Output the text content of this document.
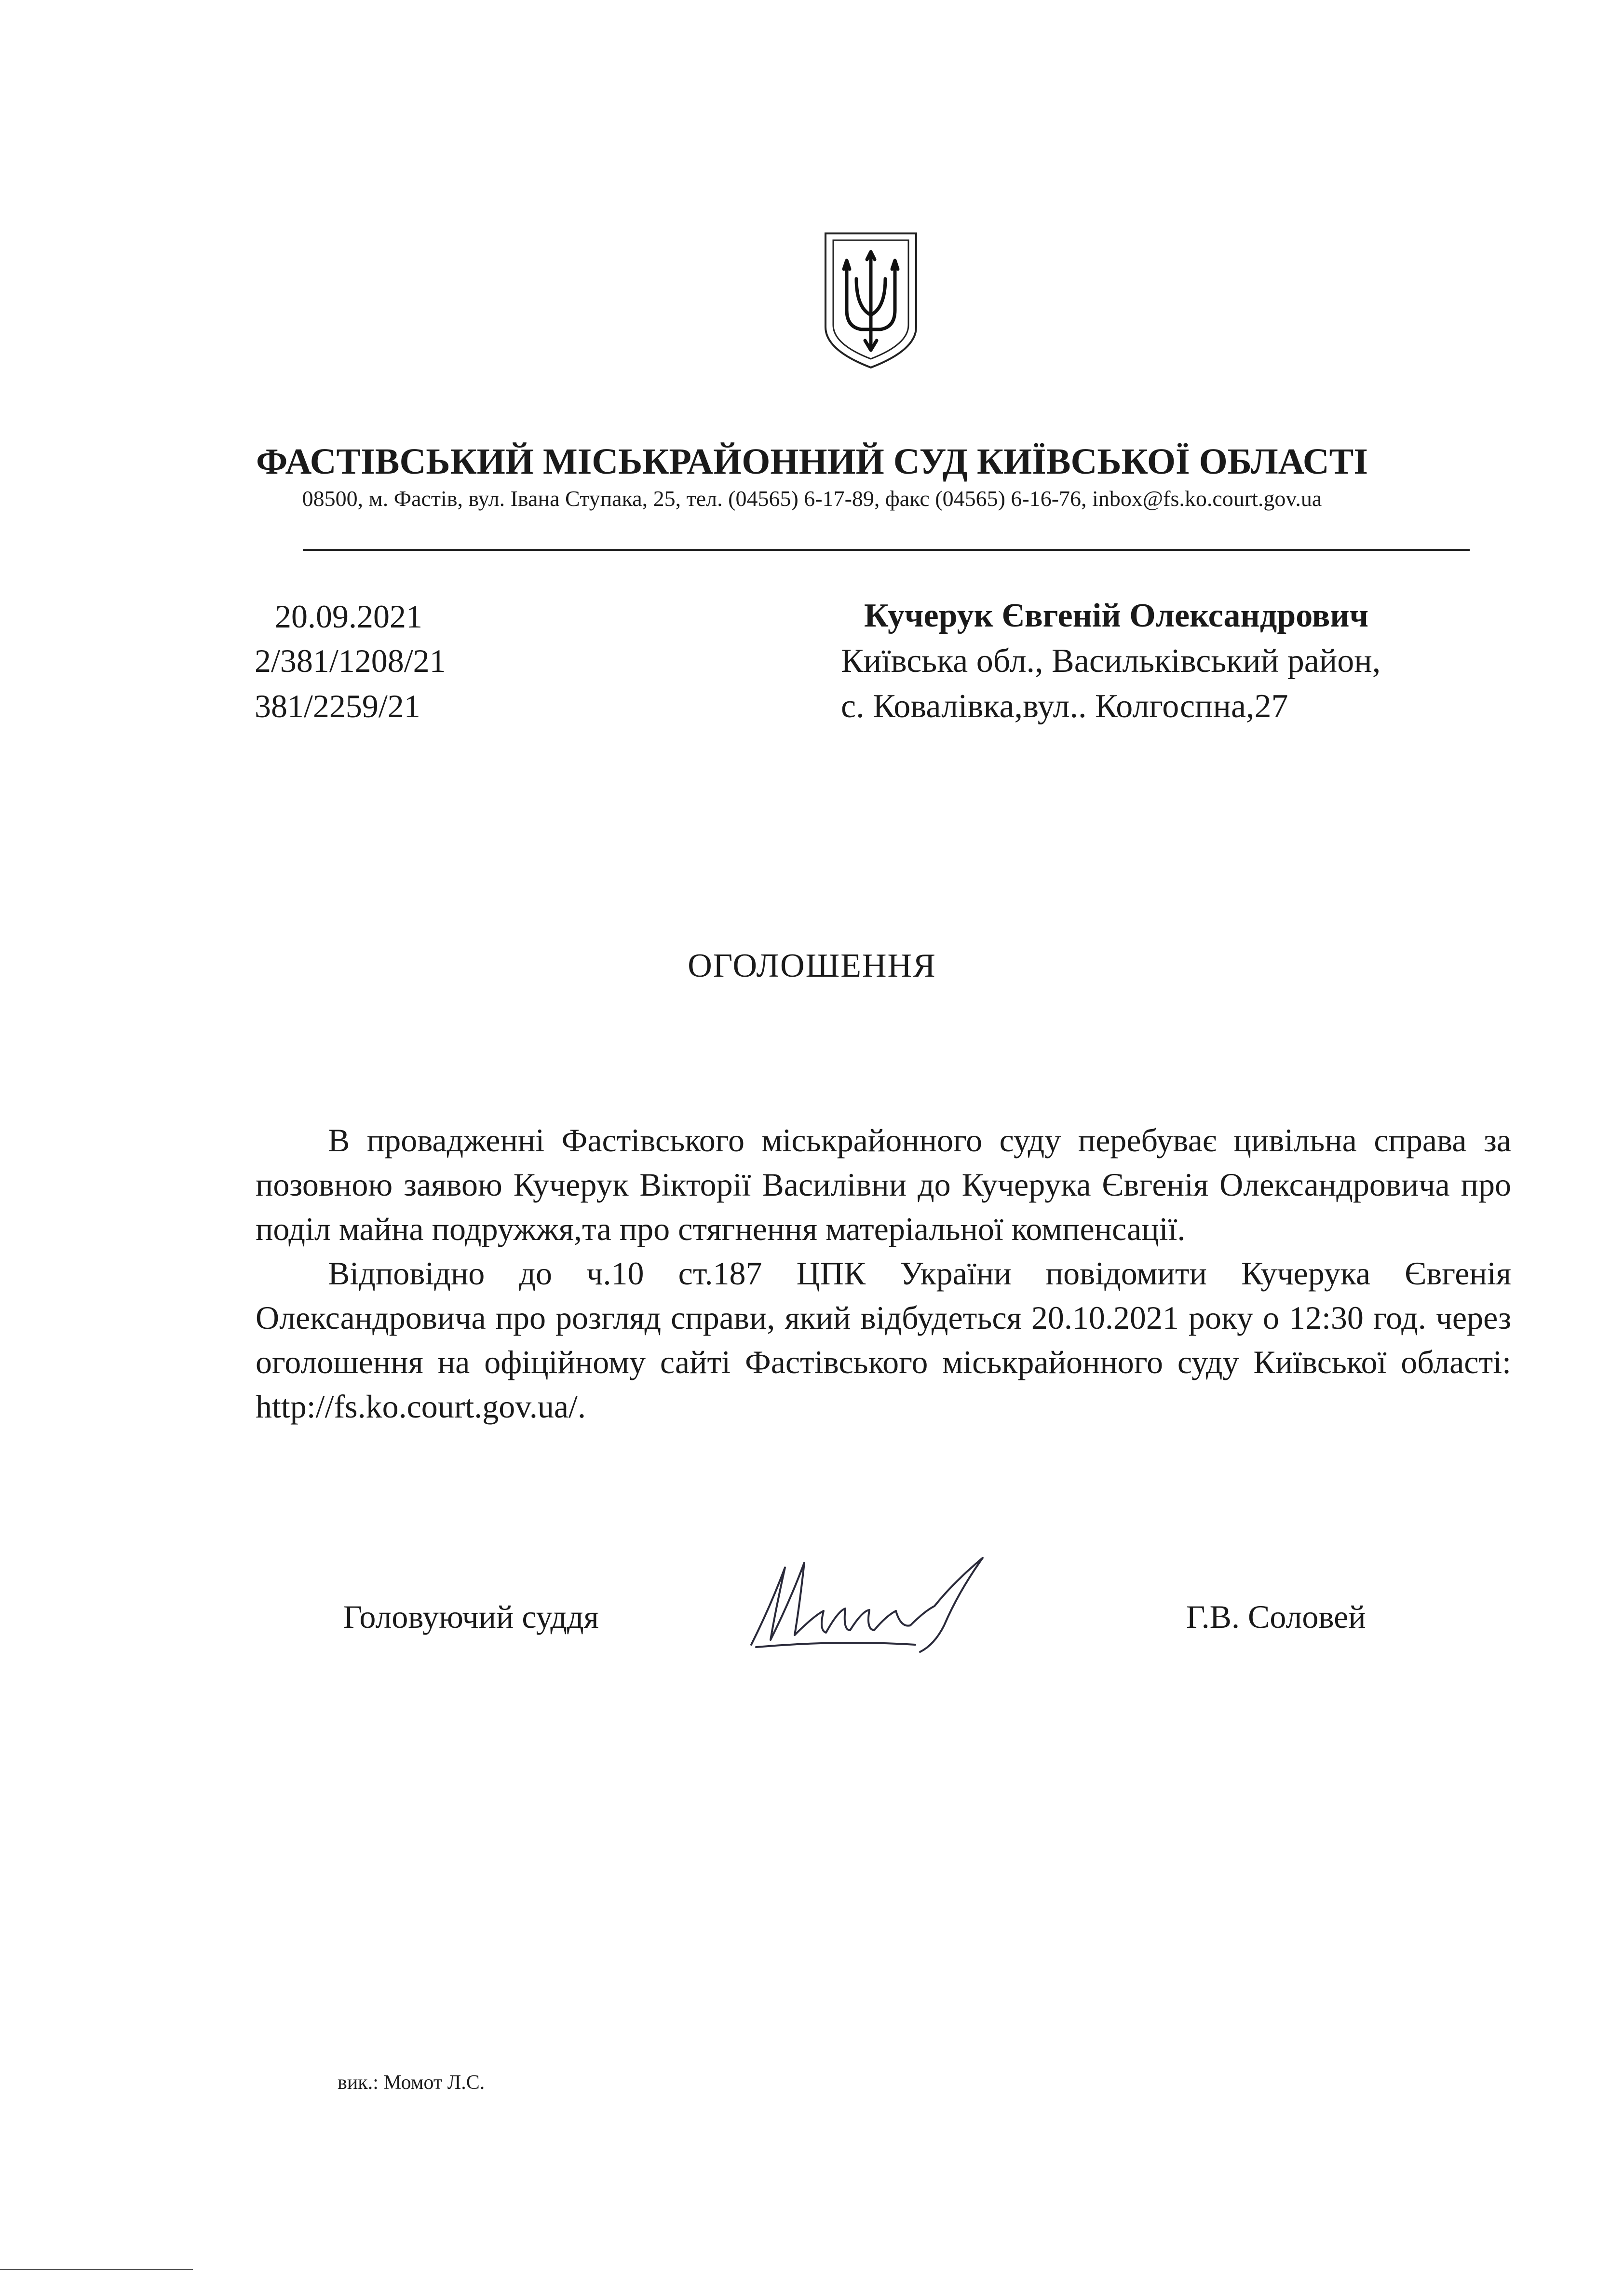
ФАСТІВСЬКИЙ МІСЬКРАЙОННИЙ СУД КИЇВСЬКОЇ ОБЛАСТІ
08500, м. Фастів, вул. Івана Ступака, 25, тел. (04565) 6-17-89, факс (04565) 6-16-76, inbox@fs.ko.court.gov.ua
20.09.2021
2/381/1208/21
381/2259/21
Кучерук Євгеній Олександрович
Київська обл., Васильківський район,
с. Ковалівка,вул.. Колгоспна,27
ОГОЛОШЕННЯ

В провадженні Фастівського міськрайонного суду перебуває цивільна справа за позовною заявою Кучерук Вікторії Василівни до Кучерука Євгенія Олександровича про поділ майна подружжя,та про стягнення матеріальної компенсації.

Відповідно до ч.10 ст.187 ЦПК України повідомити Кучерука Євгенія Олександровича про розгляд справи, який відбудеться 20.10.2021 року о 12:30 год. через оголошення на офіційному сайті Фастівського міськрайонного суду Київської області: http://fs.ko.court.gov.ua/.

Головуючий суддя	Г.В. Соловей
вик.: Момот Л.С.
